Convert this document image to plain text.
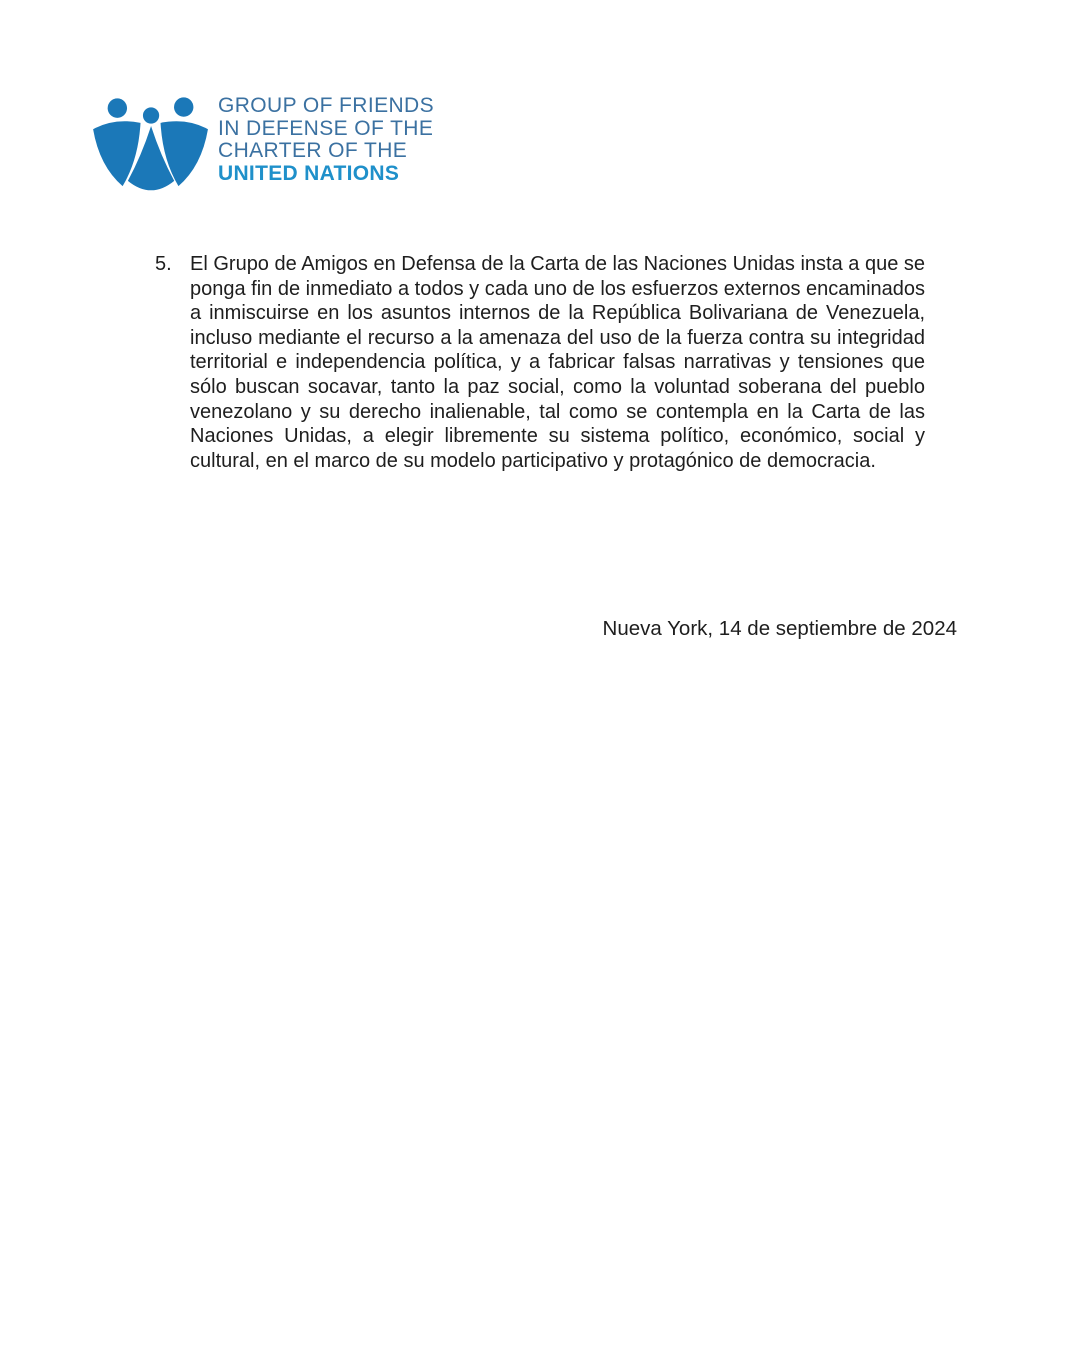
GROUP OF FRIENDS
IN DEFENSE OF THE
CHARTER OF THE
UNITED NATIONS
5. El Grupo de Amigos en Defensa de la Carta de las Naciones Unidas insta a que se ponga fin de inmediato a todos y cada uno de los esfuerzos externos encaminados a inmiscuirse en los asuntos internos de la República Bolivariana de Venezuela, incluso mediante el recurso a la amenaza del uso de la fuerza contra su integridad territorial e independencia política, y a fabricar falsas narrativas y tensiones que sólo buscan socavar, tanto la paz social, como la voluntad soberana del pueblo venezolano y su derecho inalienable, tal como se contempla en la Carta de las Naciones Unidas, a elegir libremente su sistema político, económico, social y cultural, en el marco de su modelo participativo y protagónico de democracia.
Nueva York, 14 de septiembre de 2024
